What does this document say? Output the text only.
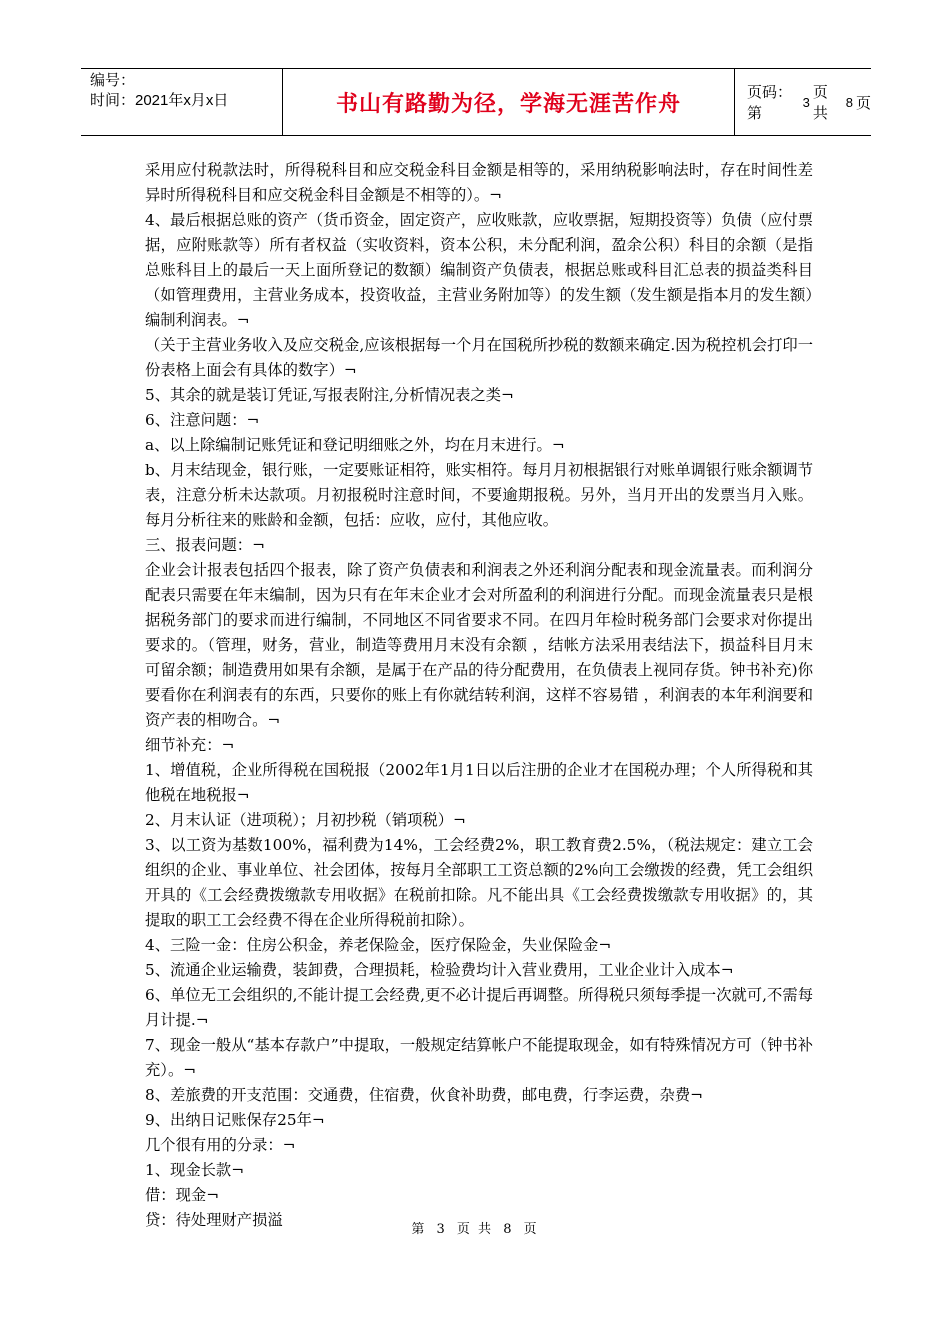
编号：
时间：2021年x月x日	书山有路勤为径，学海无涯苦作舟	页码：第
3
页 共
8 页

采用应付税款法时，所得税科目和应交税金科目金额是相等的，采用纳税影响法时，存在时间性差异时所得税科目和应交税金科目金额是不相等的）。¬

4、最后根据总账的资产（货币资金，固定资产，应收账款，应收票据，短期投资等）负债（应付票据，应附账款等）所有者权益（实收资料，资本公积，未分配利润，盈余公积）科目的余额（是指总账科目上的最后一天上面所登记的数额）编制资产负债表，根据总账或科目汇总表的损益类科目（如管理费用，主营业务成本，投资收益，主营业务附加等）的发生额（发生额是指本月的发生额）编制利润表。¬

（关于主营业务收入及应交税金,应该根据每一个月在国税所抄税的数额来确定.因为税控机会打印一份表格上面会有具体的数字）¬

5、其余的就是装订凭证,写报表附注,分析情况表之类¬

6、注意问题：¬

a、以上除编制记账凭证和登记明细账之外，均在月末进行。¬

b、月末结现金，银行账，一定要账证相符，账实相符。每月月初根据银行对账单调银行账余额调节表，注意分析未达款项。月初报税时注意时间，不要逾期报税。另外，当月开出的发票当月入账。每月分析往来的账龄和金额，包括：应收，应付，其他应收。

三、报表问题：¬

企业会计报表包括四个报表，除了资产负债表和利润表之外还利润分配表和现金流量表。而利润分配表只需要在年末编制，因为只有在年末企业才会对所盈利的利润进行分配。而现金流量表只是根据税务部门的要求而进行编制，不同地区不同省要求不同。在四月年检时税务部门会要求对你提出要求的。（管理，财务，营业，制造等费用月末没有余额 ，结帐方法采用表结法下，损益科目月末可留余额；制造费用如果有余额，是属于在产品的待分配费用，在负债表上视同存货。钟书补充)你要看你在利润表有的东西，只要你的账上有你就结转利润，这样不容易错 ，利润表的本年利润要和资产表的相吻合。¬

细节补充：¬

1、增值税，企业所得税在国税报（2002年1月1日以后注册的企业才在国税办理；个人所得税和其他税在地税报¬

2、月末认证（进项税）；月初抄税（销项税）¬

3、以工资为基数100%，福利费为14%，工会经费2%，职工教育费2.5%，（税法规定：建立工会组织的企业、事业单位、社会团体，按每月全部职工工资总额的2%向工会缴拨的经费，凭工会组织开具的《工会经费拨缴款专用收据》在税前扣除。凡不能出具《工会经费拨缴款专用收据》的，其提取的职工工会经费不得在企业所得税前扣除）。

4、三险一金：住房公积金，养老保险金，医疗保险金，失业保险金¬

5、流通企业运输费，装卸费，合理损耗，检验费均计入营业费用，工业企业计入成本¬

6、单位无工会组织的,不能计提工会经费,更不必计提后再调整。所得税只须每季提一次就可,不需每月计提.¬

7、现金一般从“基本存款户”中提取，一般规定结算帐户不能提取现金，如有特殊情况方可（钟书补充）。¬

8、差旅费的开支范围：交通费，住宿费，伙食补助费，邮电费，行李运费，杂费¬

9、出纳日记账保存25年¬

几个很有用的分录：¬

1、现金长款¬

借：现金¬

贷：待处理财产损溢

第 3 页 共 8 页
